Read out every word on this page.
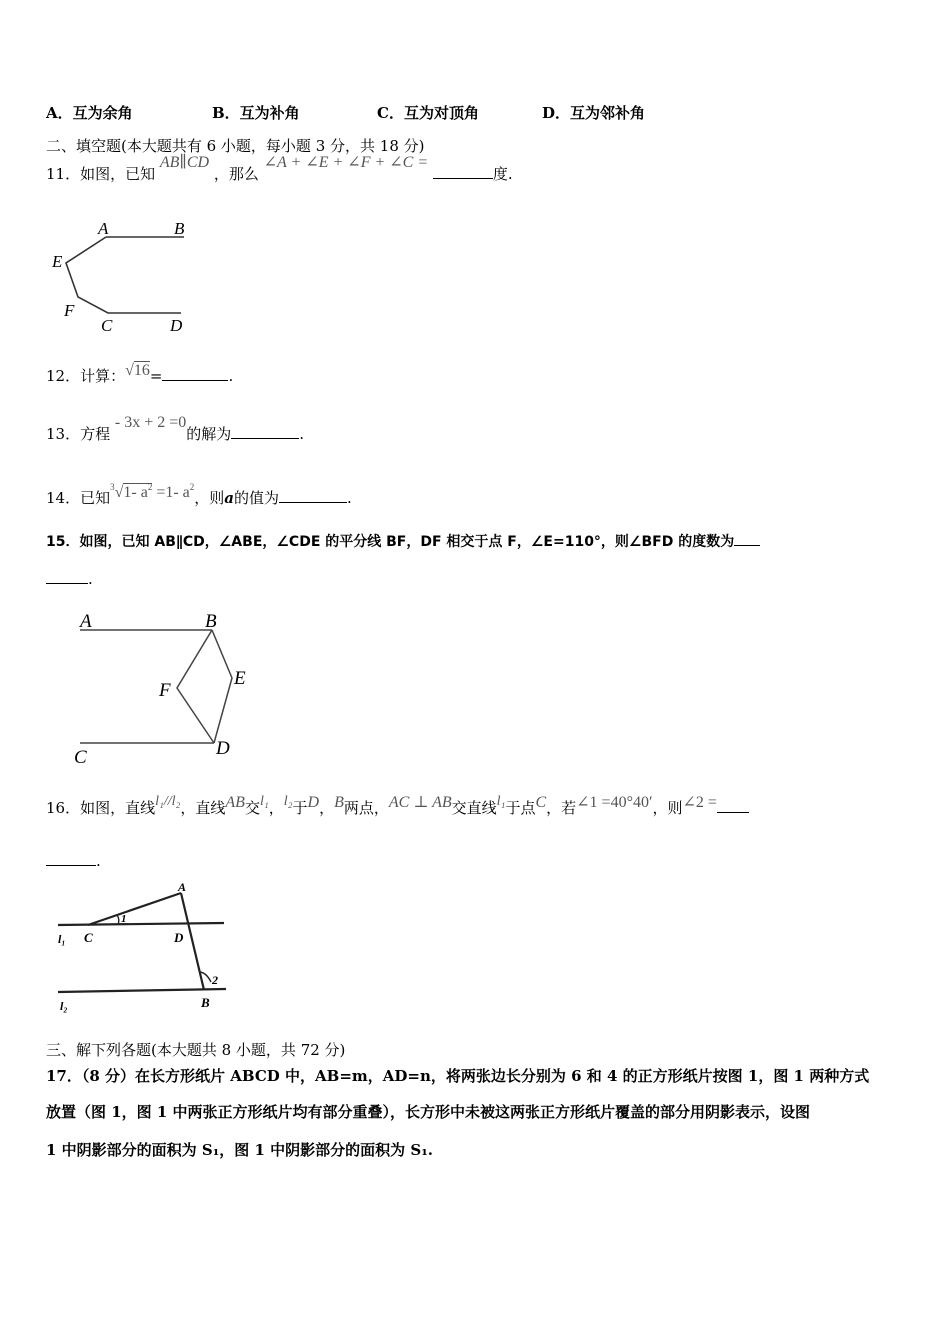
A．互为余角	B．互为补角	C．互为对顶角	D．互为邻补角
二、填空题(本大题共有 6 小题，每小题 3 分，共 18 分)
11．如图，已知 AB∥CD ，那么 ∠A + ∠E + ∠F + ∠C = 度.
A	B
E
F
C	D
12．计算：√16=	.
13．方程 - 3x + 2 =0的解为	.
14．已知$^3$√1- $a^2 =1-$ $a^2$，则a的值为	.
15．如图，已知 AB∥CD，∠ABE，∠CDE 的平分线 BF，DF 相交于点 F，∠E=110°，则∠BFD 的度数为
.
A	B
E
F
C	D
16．如图，直线l₁//l₂，直线AB交l₁，l₂于D，B两点，AC ⊥ AB交直线l₁于点C，若∠1 =40°40′，则∠2 =
.
A
C	D
B
1
2
l₁
l₂
三、解下列各题(本大题共 8 小题，共 72 分)
17．（8 分）在长方形纸片 ABCD 中，AB=m，AD=n，将两张边长分别为 6 和 4 的正方形纸片按图 1，图 1 两种方式
放置（图 1，图 1 中两张正方形纸片均有部分重叠），长方形中未被这两张正方形纸片覆盖的部分用阴影表示，设图
1 中阴影部分的面积为 S₁，图 1 中阴影部分的面积为 S₁.
